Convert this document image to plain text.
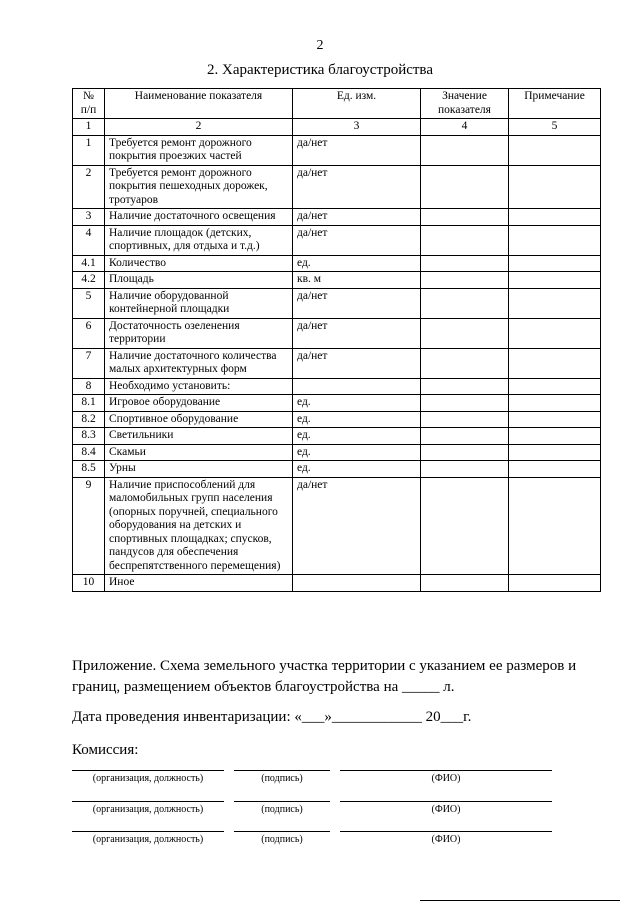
2
2. Характеристика благоустройства
№ п/п	Наименование показателя	Ед. изм.	Значение показателя	Примечание
1	2	3	4	5
1	Требуется ремонт дорожного покрытия проезжих частей	да/нет		
2	Требуется ремонт дорожного покрытия пешеходных дорожек, тротуаров	да/нет		
3	Наличие достаточного освещения	да/нет		
4	Наличие площадок (детских, спортивных, для отдыха и т.д.)	да/нет		
4.1	Количество	ед.		
4.2	Площадь	кв. м		
5	Наличие оборудованной контейнерной площадки	да/нет		
6	Достаточность озеленения территории	да/нет		
7	Наличие достаточного количества малых архитектурных форм	да/нет		
8	Необходимо установить:			
8.1	Игровое оборудование	ед.		
8.2	Спортивное оборудование	ед.		
8.3	Светильники	ед.		
8.4	Скамьи	ед.		
8.5	Урны	ед.		
9	Наличие приспособлений для маломобильных групп населения (опорных поручней, специального оборудования на детских и спортивных площадках; спусков, пандусов для обеспечения беспрепятственного перемещения)	да/нет		
10	Иное			
Приложение. Схема земельного участка территории с указанием ее размеров и границ, размещением объектов благоустройства на _____ л.
Дата проведения инвентаризации: «___»____________ 20___г.
Комиссия:
(организация, должность)	(подпись)	(ФИО)
(организация, должность)	(подпись)	(ФИО)
(организация, должность)	(подпись)	(ФИО)
